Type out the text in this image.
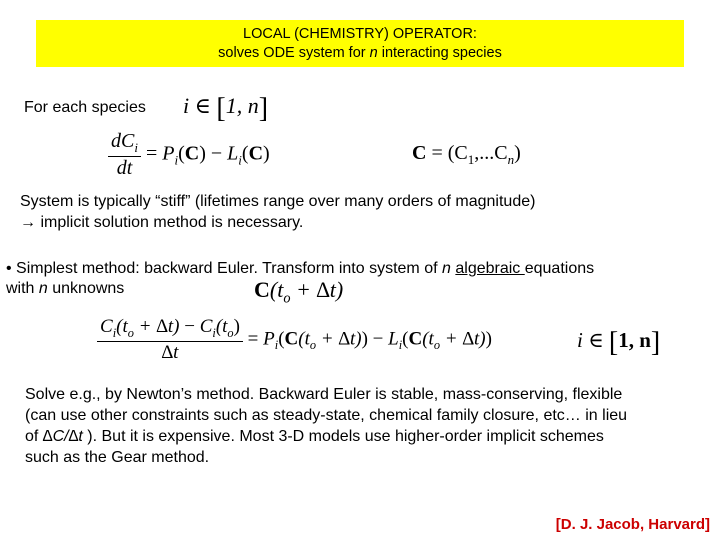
LOCAL (CHEMISTRY) OPERATOR:
solves ODE system for n interacting species
For each species i ∈ [1, n]
$\frac{dC_i}{dt} = P_i(C) - L_i(C)$	$C = (C_1,...C_n)$
System is typically “stiff” (lifetimes range over many orders of magnitude)
→ implicit solution method is necessary.
• Simplest method: backward Euler. Transform into system of n algebraic equations
with n unknowns	$C(t_o + \Delta t)$
$\frac{C_i(t_o + \Delta t) - C_i(t_o)}{\Delta t} = P_i(C(t_o + \Delta t)) - L_i(C(t_o + \Delta t))$	i ∈ [1, n]
Solve e.g., by Newton’s method. Backward Euler is stable, mass-conserving, flexible
(can use other constraints such as steady-state, chemical family closure, etc… in lieu
of ∆C/∆t ). But it is expensive. Most 3-D models use higher-order implicit schemes
such as the Gear method.
[D. J. Jacob, Harvard]
